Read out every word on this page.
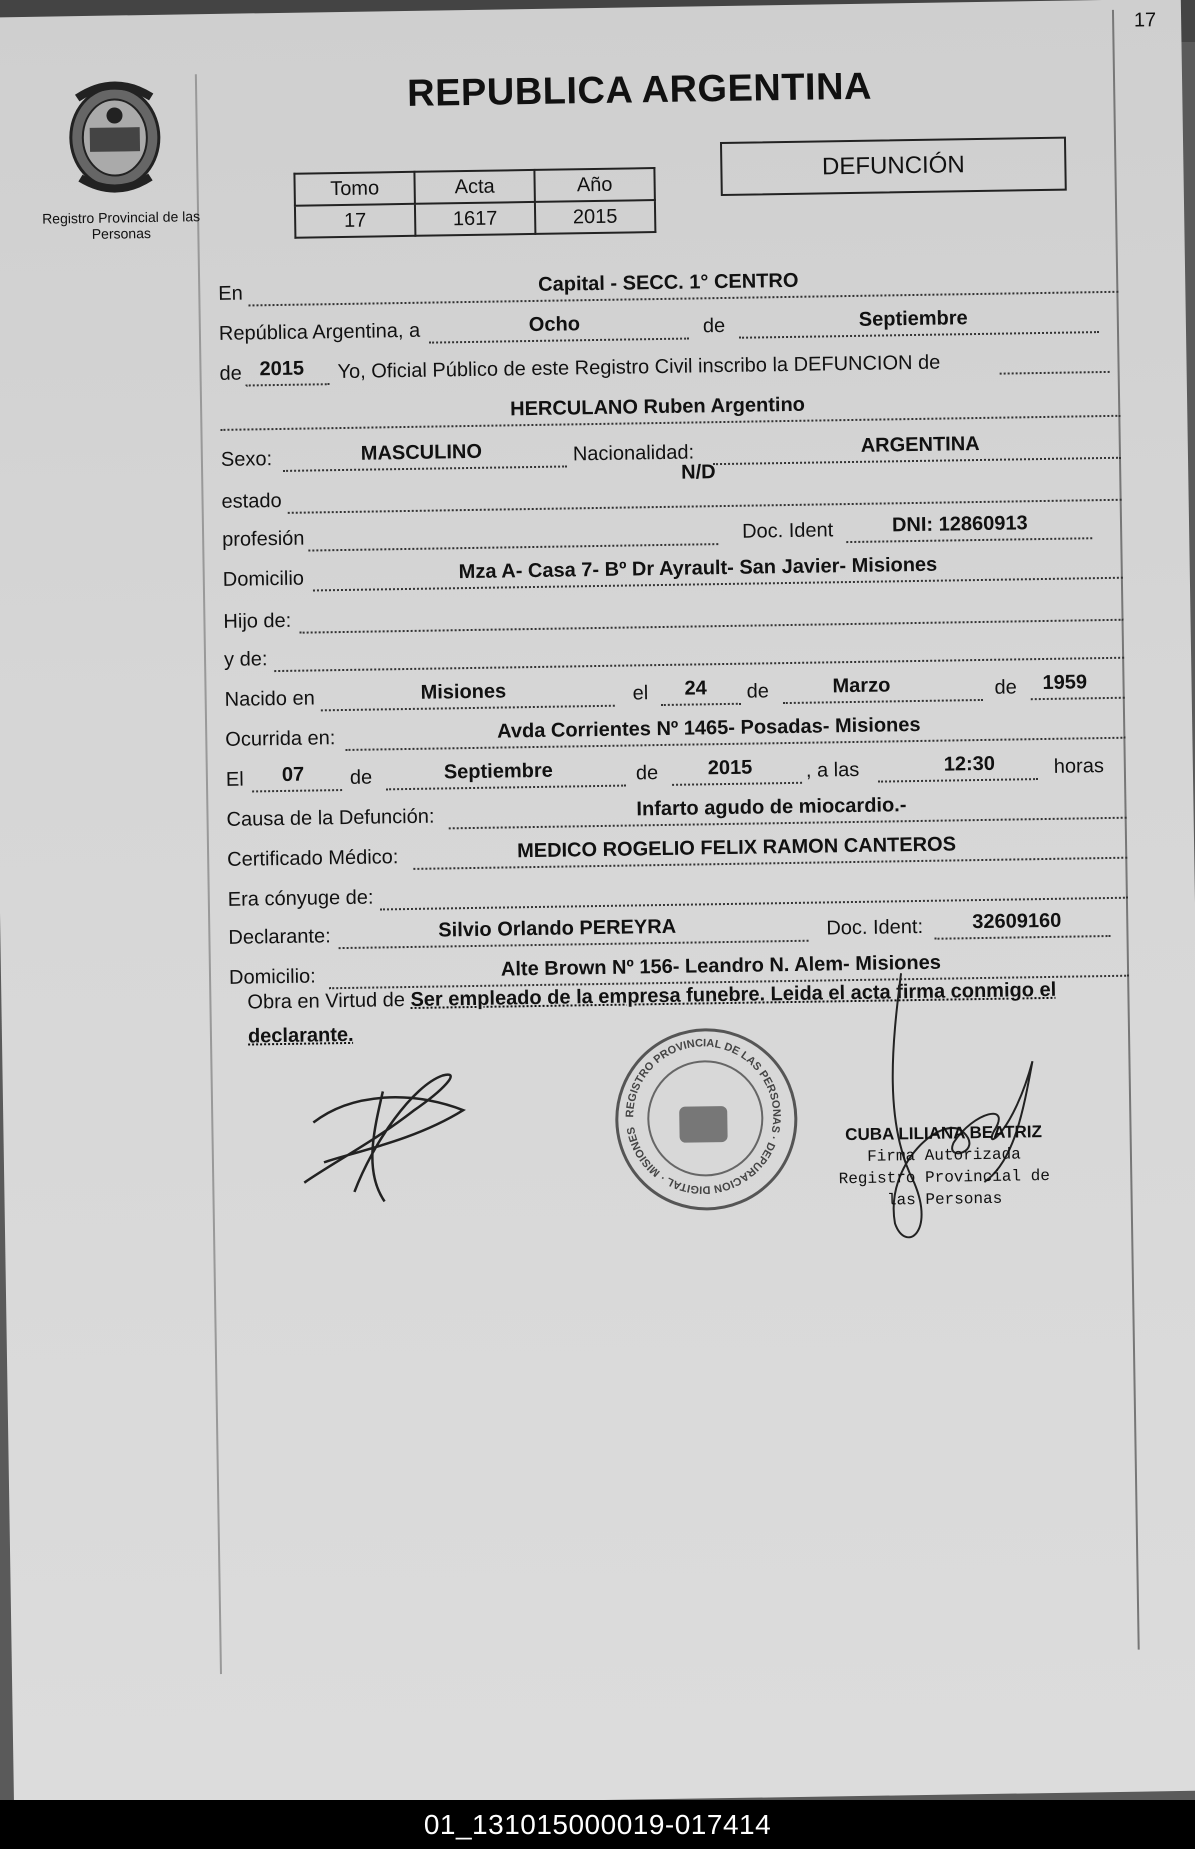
17
Registro Provincial de las Personas
REPUBLICA ARGENTINA
Tomo	Acta	Año
17	1617	2015
DEFUNCIÓN
En	Capital - SECC. 1° CENTRO
República Argentina, a	Ocho	de	Septiembre
de 2015 Yo, Oficial Público de este Registro Civil inscribo la DEFUNCION de
HERCULANO Ruben Argentino
Sexo:	MASCULINO	Nacionalidad:	ARGENTINA
estado
N/D
profesión	Doc. Ident	DNI: 12860913
Domicilio	Mza A- Casa 7- Bº Dr Ayrault- San Javier- Misiones
Hijo de:
y de:
Nacido en	Misiones	el 24 de	Marzo	de 1959
Ocurrida en:	Avda Corrientes Nº 1465- Posadas- Misiones
El 07 de	Septiembre	de 2015	, a las	12:30	horas
Causa de la Defunción:	Infarto agudo de miocardio.-
Certificado Médico:	MEDICO ROGELIO FELIX RAMON CANTEROS
Era cónyuge de:
Declarante:	Silvio Orlando PEREYRA	Doc. Ident: 32609160
Domicilio:	Alte Brown Nº 156- Leandro N. Alem- Misiones
Obra en Virtud de Ser empleado de la empresa funebre. Leida el acta firma conmigo el declarante.
REGISTRO PROVINCIAL DE LAS PERSONAS · DEPURACION DIGITAL · MISIONES	CUBA LILIANA BEATRIZ
Firma Autorizada
Registro Provincial de las Personas
01_131015000019-017414
